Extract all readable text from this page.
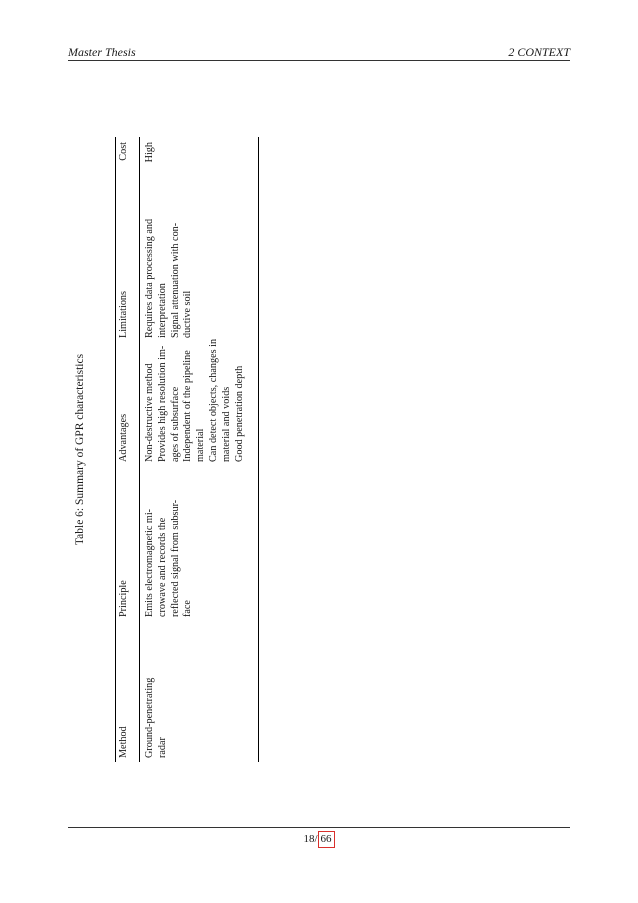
Master Thesis	2 CONTEXT
Table 6: Summary of GPR characteristics
Method
Principle
Advantages
Limitations
Cost
Ground-penetrating radar
Emits electromagnetic mi- crowave and records the reflected signal from subsur- face
Non-destructive method Provides high resolution im- ages of subsurface Independent of the pipeline material Can detect objects, changes in material and voids Good penetration depth
Requires data processing and interpretation Signal attenuation with con- ductive soil
High
18/ 66
